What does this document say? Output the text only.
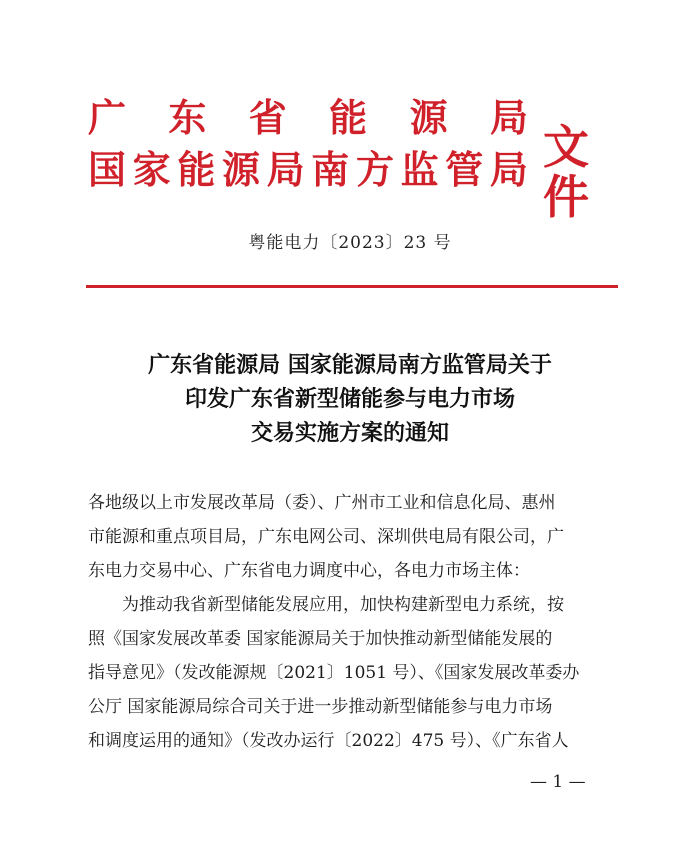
广 东 省 能 源 局
国 家 能 源 局 南 方 监 管 局 文件
粤能电力〔2023〕23 号
广东省能源局 国家能源局南方监管局关于
印发广东省新型储能参与电力市场
交易实施方案的通知
各地级以上市发展改革局（委）、广州市工业和信息化局、惠州
市能源和重点项目局，广东电网公司、深圳供电局有限公司，广
东电力交易中心、广东省电力调度中心，各电力市场主体：
　　为推动我省新型储能发展应用，加快构建新型电力系统，按
照《国家发展改革委 国家能源局关于加快推动新型储能发展的
指导意见》（发改能源规〔2021〕1051 号）、《国家发展改革委办
公厅 国家能源局综合司关于进一步推动新型储能参与电力市场
和调度运用的通知》（发改办运行〔2022〕475 号）、《广东省人
— 1 —
